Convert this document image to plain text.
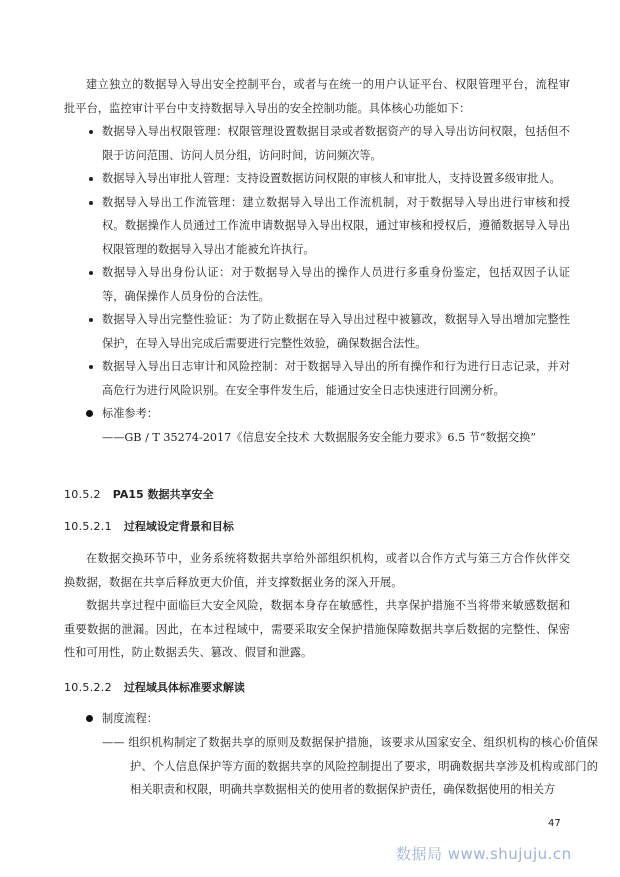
建立独立的数据导入导出安全控制平台，或者与在统一的用户认证平台、权限管理平台，流程审批平台，监控审计平台中支持数据导入导出的安全控制功能。具体核心功能如下：

数据导入导出权限管理：权限管理设置数据目录或者数据资产的导入导出访问权限，包括但不限于访问范围、访问人员分组，访问时间，访问频次等。
数据导入导出审批人管理：支持设置数据访问权限的审核人和审批人，支持设置多级审批人。
数据导入导出工作流管理：建立数据导入导出工作流机制，对于数据导入导出进行审核和授权。数据操作人员通过工作流申请数据导入导出权限，通过审核和授权后，遵循数据导入导出权限管理的数据导入导出才能被允许执行。
数据导入导出身份认证：对于数据导入导出的操作人员进行多重身份鉴定，包括双因子认证等，确保操作人员身份的合法性。
数据导入导出完整性验证：为了防止数据在导入导出过程中被篡改，数据导入导出增加完整性保护，在导入导出完成后需要进行完整性效验，确保数据合法性。
数据导入导出日志审计和风险控制：对于数据导入导出的所有操作和行为进行日志记录，并对高危行为进行风险识别。在安全事件发生后，能通过安全日志快速进行回溯分析。

标准参考：

——GB / T 35274-2017《信息安全技术 大数据服务安全能力要求》6.5 节“数据交换”

10.5.2 PA15 数据共享安全

10.5.2.1 过程域设定背景和目标

在数据交换环节中，业务系统将数据共享给外部组织机构，或者以合作方式与第三方合作伙伴交换数据，数据在共享后释放更大价值，并支撑数据业务的深入开展。

数据共享过程中面临巨大安全风险，数据本身存在敏感性，共享保护措施不当将带来敏感数据和重要数据的泄漏。因此，在本过程域中，需要采取安全保护措施保障数据共享后数据的完整性、保密性和可用性，防止数据丢失、篡改、假冒和泄露。

10.5.2.2 过程域具体标准要求解读

制度流程：

—— 组织机构制定了数据共享的原则及数据保护措施，该要求从国家安全、组织机构的核心价值保护、个人信息保护等方面的数据共享的风险控制提出了要求，明确数据共享涉及机构或部门的相关职责和权限，明确共享数据相关的使用者的数据保护责任，确保数据使用的相关方

47
数据局 www.shujuju.cn
